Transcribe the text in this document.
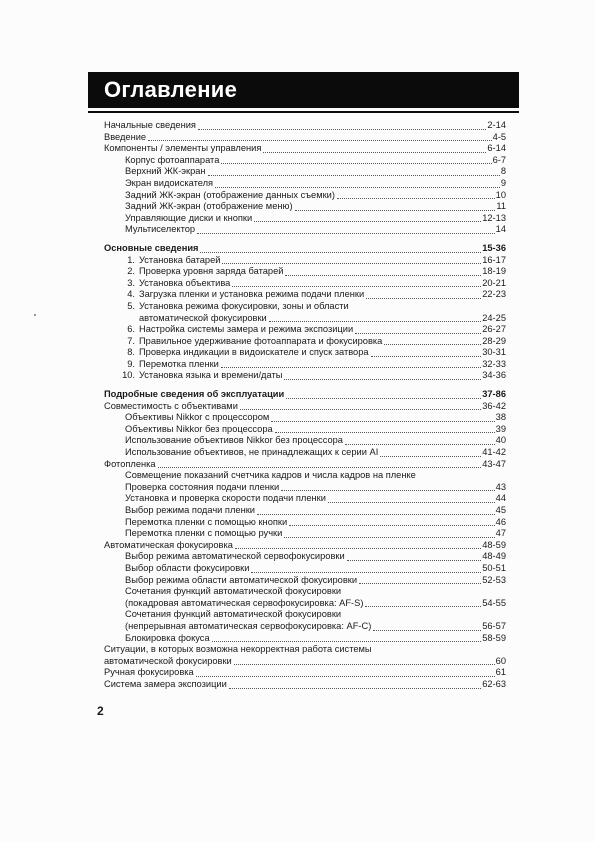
Оглавление
Начальные сведения	2-14
Введение	4-5
Компоненты / элементы управления	6-14
Корпус фотоаппарата	6-7
Верхний ЖК-экран	8
Экран видоискателя	9
Задний ЖК-экран (отображение данных съемки)	10
Задний ЖК-экран (отображение меню)	11
Управляющие диски и кнопки	12-13
Мультиселектор	14
Основные сведения	15-36
1. Установка батарей	16-17
2. Проверка уровня заряда батарей	18-19
3. Установка объектива	20-21
4. Загрузка пленки и установка режима подачи пленки	22-23
5. Установка режима фокусировки, зоны и области
автоматической фокусировки	24-25
6. Настройка системы замера и режима экспозиции	26-27
7. Правильное удерживание фотоаппарата и фокусировка	28-29
8. Проверка индикации в видоискателе и спуск затвора	30-31
9. Перемотка пленки	32-33
10. Установка языка и времени/даты	34-36
Подробные сведения об эксплуатации	37-86
Совместимость с объективами	36-42
Объективы Nikkor с процессором	38
Объективы Nikkor без процессора	39
Использование объективов Nikkor без процессора	40
Использование объективов, не принадлежащих к серии AI	41-42
Фотопленка	43-47
Совмещение показаний счетчика кадров и числа кадров на пленке
Проверка состояния подачи пленки	43
Установка и проверка скорости подачи пленки	44
Выбор режима подачи пленки	45
Перемотка пленки с помощью кнопки	46
Перемотка пленки с помощью ручки	47
Автоматическая фокусировка	48-59
Выбор режима автоматической сервофокусировки	48-49
Выбор области фокусировки	50-51
Выбор режима области автоматической фокусировки	52-53
Сочетания функций автоматической фокусировки
(покадровая автоматическая сервофокусировка: AF-S)	54-55
Сочетания функций автоматической фокусировки
(непрерывная автоматическая сервофокусировка: AF-C)	56-57
Блокировка фокуса	58-59
Ситуации, в которых возможна некорректная работа системы
автоматической фокусировки	60
Ручная фокусировка	61
Система замера экспозиции	62-63
2
